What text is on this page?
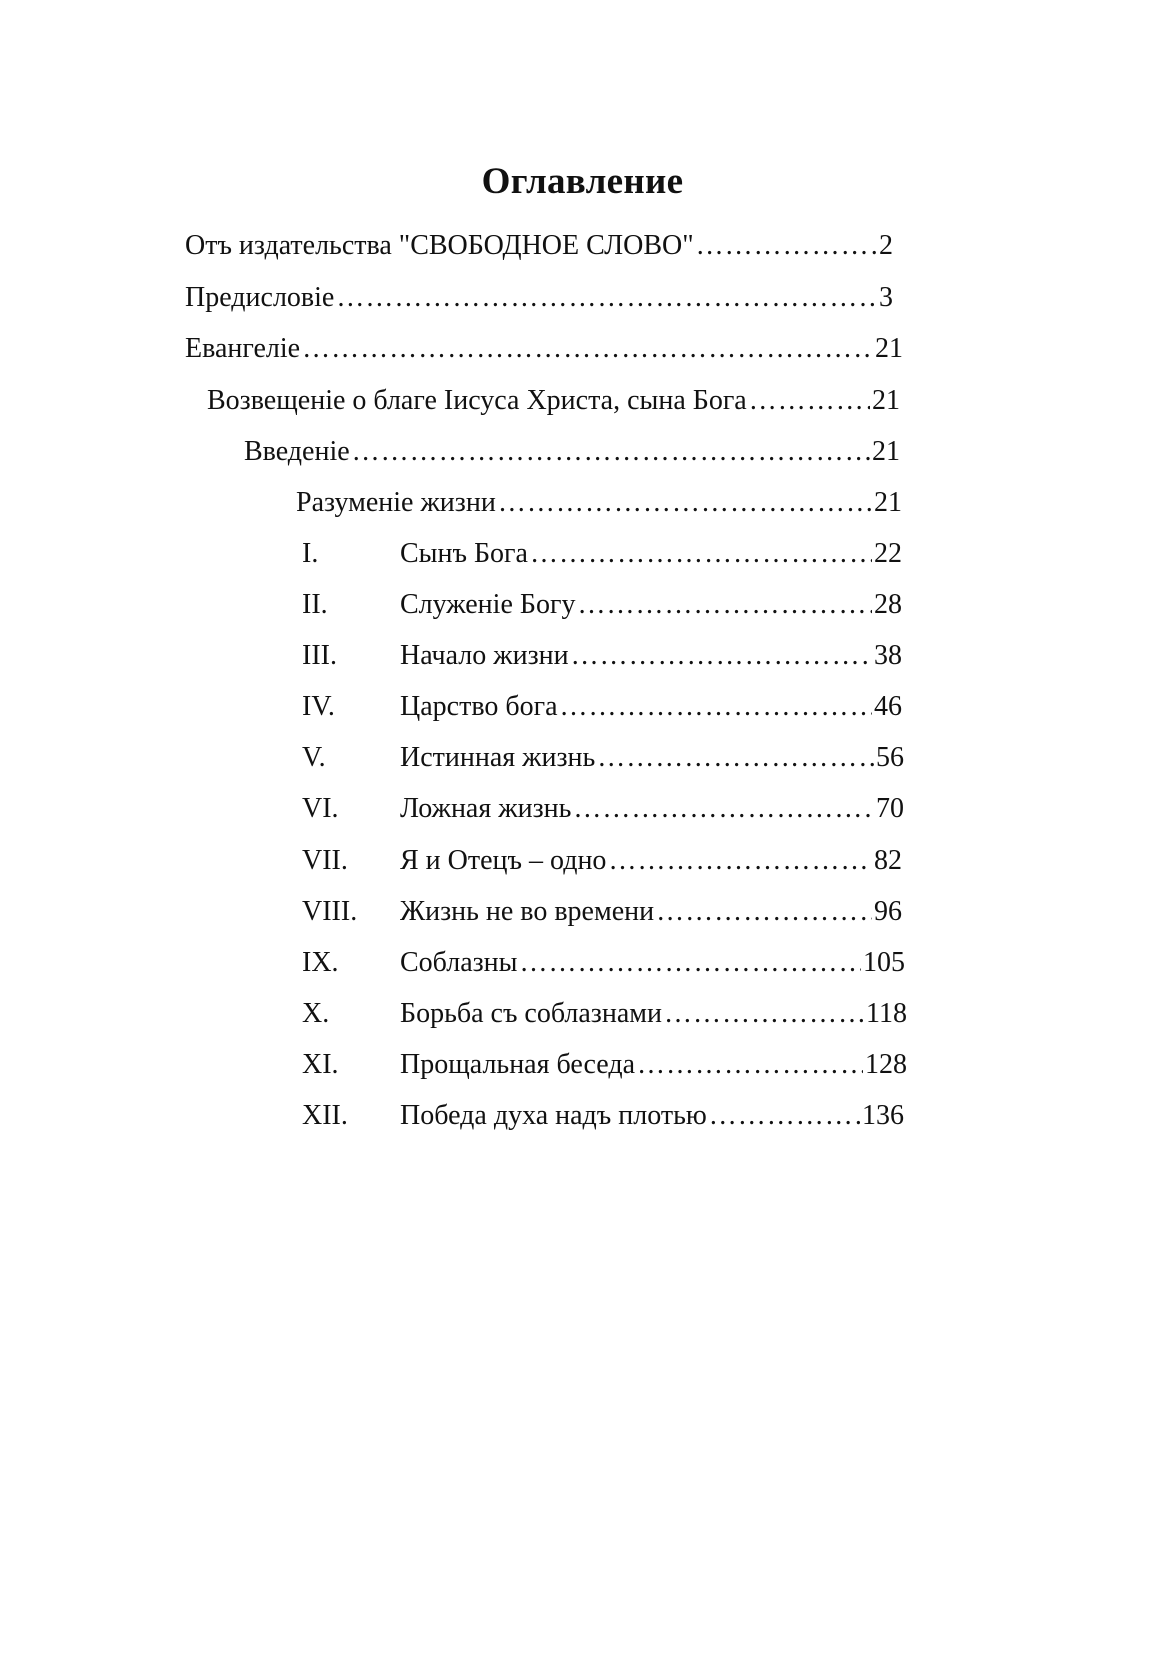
Оглавление
Отъ издательства "СВОБОДНОЕ СЛОВО" …………………………………………………………………………………………………………………………………………………………………………………………………………	2
Предисловіе …………………………………………………………………………………………………………………………………………………………………………………………………………	3
Евангеліе …………………………………………………………………………………………………………………………………………………………………………………………………………	21
Возвещеніе о благе Іисуса Христа, сына Бога …………………………………………………………………………………………………………………………………………………………………………………………………………	21
Введеніе …………………………………………………………………………………………………………………………………………………………………………………………………………	21
Разуменіе жизни …………………………………………………………………………………………………………………………………………………………………………………………………………	21
I.	Сынъ Бога …………………………………………………………………………………………………………………………………………………………………………………………………………	22
II.	Служеніе Богу …………………………………………………………………………………………………………………………………………………………………………………………………………	28
III.	Начало жизни …………………………………………………………………………………………………………………………………………………………………………………………………………	38
IV.	Царство бога …………………………………………………………………………………………………………………………………………………………………………………………………………	46
V.	Истинная жизнь …………………………………………………………………………………………………………………………………………………………………………………………………………	56
VI.	Ложная жизнь …………………………………………………………………………………………………………………………………………………………………………………………………………	70
VII.	Я и Отецъ – одно …………………………………………………………………………………………………………………………………………………………………………………………………………	82
VIII.	Жизнь не во времени …………………………………………………………………………………………………………………………………………………………………………………………………………	96
IX.	Соблазны …………………………………………………………………………………………………………………………………………………………………………………………………………	105
X.	Борьба съ соблазнами …………………………………………………………………………………………………………………………………………………………………………………………………………	118
XI.	Прощальная беседа …………………………………………………………………………………………………………………………………………………………………………………………………………	128
XII.	Победа духа надъ плотью …………………………………………………………………………………………………………………………………………………………………………………………………………	136
